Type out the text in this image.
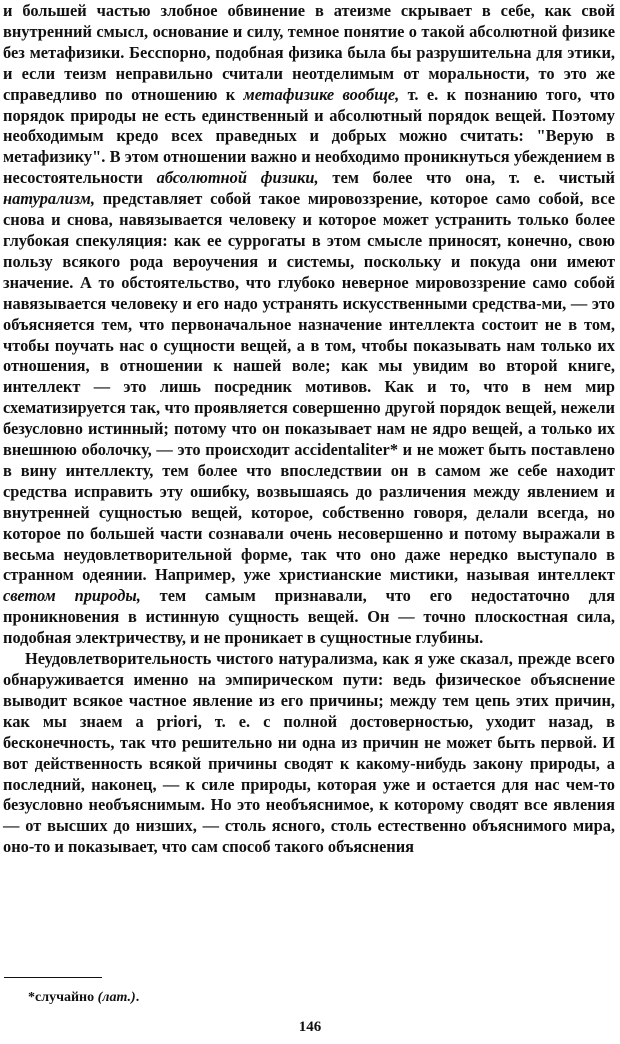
и большей частью злобное обвинение в атеизме скрывает в себе, как свой внутренний смысл, основание и силу, темное понятие о такой абсолютной физике без метафизики. Бесспорно, подобная физика была бы разрушительна для этики, и если теизм неправильно считали неотделимым от моральности, то это же справедливо по отношению к метафизике вообще, т. е. к познанию того, что порядок природы не есть единственный и абсолютный порядок вещей. Поэтому необходимым кредо всех праведных и добрых можно считать: "Верую в метафизику". В этом отношении важно и необходимо проникнуться убеждением в несостоятельности абсолютной физики, тем более что она, т. е. чистый натурализм, представляет собой такое мировоззрение, которое само собой, все снова и снова, навязывается человеку и которое может устранить только более глубокая спекуляция: как ее суррогаты в этом смысле приносят, конечно, свою пользу всякого рода вероучения и системы, поскольку и покуда они имеют значение. А то обстоятельство, что глубоко неверное мировоззрение само собой навязывается человеку и его надо устранять искусственными средства-ми, — это объясняется тем, что первоначальное назначение интеллекта состоит не в том, чтобы поучать нас о сущности вещей, а в том, чтобы показывать нам только их отношения, в отношении к нашей воле; как мы увидим во второй книге, интеллект — это лишь посредник мотивов. Как и то, что в нем мир схематизируется так, что проявляется совершенно другой порядок вещей, нежели безусловно истинный; потому что он показывает нам не ядро вещей, а только их внешнюю оболочку, — это происходит accidentaliter* и не может быть поставлено в вину интеллекту, тем более что впоследствии он в самом же себе находит средства исправить эту ошибку, возвышаясь до различения между явлением и внутренней сущностью вещей, которое, собственно говоря, делали всегда, но которое по большей части сознавали очень несовершенно и потому выражали в весьма неудовлетворительной форме, так что оно даже нередко выступало в странном одеянии. Например, уже христианские мистики, называя интеллект светом природы, тем самым признавали, что его недостаточно для проникновения в истинную сущность вещей. Он — точно плоскостная сила, подобная электричеству, и не проникает в сущностные глубины.

Неудовлетворительность чистого натурализма, как я уже сказал, прежде всего обнаруживается именно на эмпирическом пути: ведь физическое объяснение выводит всякое частное явление из его причины; между тем цепь этих причин, как мы знаем a priori, т. е. с полной достоверностью, уходит назад, в бесконечность, так что решительно ни одна из причин не может быть первой. И вот действенность всякой причины сводят к какому-нибудь закону природы, а последний, наконец, — к силе природы, которая уже и остается для нас чем-то безусловно необъяснимым. Но это необъяснимое, к которому сводят все явления — от высших до низших, — столь ясного, столь естественно объяснимого мира, оно-то и показывает, что сам способ такого объяснения

*случайно (лат.).
146
